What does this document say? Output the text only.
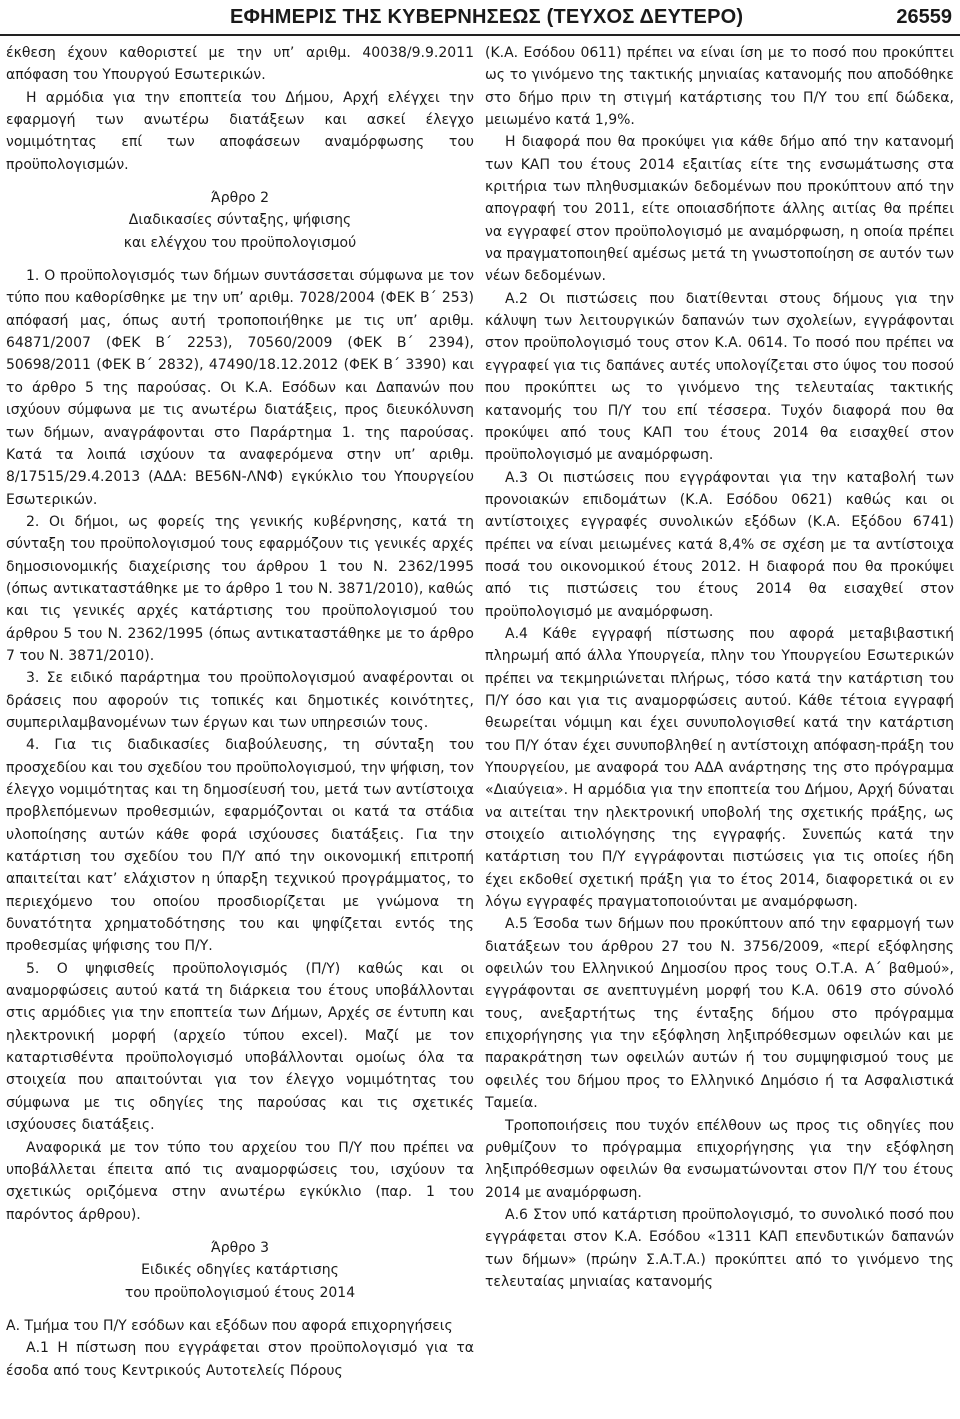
ΕΦΗΜΕΡΙΣ ΤΗΣ ΚΥΒΕΡΝΗΣΕΩΣ (ΤΕΥΧΟΣ ΔΕΥΤΕΡΟ)	26559

έκθεση έχουν καθοριστεί με την υπ’ αριθμ. 40038/9.9.2011 απόφαση του Υπουργού Εσωτερικών.

Η αρμόδια για την εποπτεία του Δήμου, Αρχή ελέγχει την εφαρμογή των ανωτέρω διατάξεων και ασκεί έλεγχο νομιμότητας επί των αποφάσεων αναμόρφωσης του προϋπολογισμών.

Άρθρο 2

Διαδικασίες σύνταξης, ψήφισης

και ελέγχου του προϋπολογισμού

1. Ο προϋπολογισμός των δήμων συντάσσεται σύμφωνα με τον τύπο που καθορίσθηκε με την υπ’ αριθμ. 7028/2004 (ΦΕΚ Β΄ 253) απόφασή μας, όπως αυτή τροποποιήθηκε με τις υπ’ αριθμ. 64871/2007 (ΦΕΚ Β΄ 2253), 70560/2009 (ΦΕΚ Β΄ 2394), 50698/2011 (ΦΕΚ Β΄ 2832), 47490/18.12.2012 (ΦΕΚ Β΄ 3390) και το άρθρο 5 της παρούσας. Οι Κ.Α. Εσόδων και Δαπανών που ισχύουν σύμφωνα με τις ανωτέρω διατάξεις, προς διευκόλυνση των δήμων, αναγράφονται στο Παράρτημα 1. της παρούσας. Κατά τα λοιπά ισχύουν τα αναφερόμενα στην υπ’ αριθμ. 8/17515/29.4.2013 (ΑΔΑ: ΒΕ56Ν-ΛΝΦ) εγκύκλιο του Υπουργείου Εσωτερικών.

2. Οι δήμοι, ως φορείς της γενικής κυβέρνησης, κατά τη σύνταξη του προϋπολογισμού τους εφαρμόζουν τις γενικές αρχές δημοσιονομικής διαχείρισης του άρθρου 1 του Ν. 2362/1995 (όπως αντικαταστάθηκε με το άρθρο 1 του Ν. 3871/2010), καθώς και τις γενικές αρχές κατάρτισης του προϋπολογισμού του άρθρου 5 του Ν. 2362/1995 (όπως αντικαταστάθηκε με το άρθρο 7 του Ν. 3871/2010).

3. Σε ειδικό παράρτημα του προϋπολογισμού αναφέρονται οι δράσεις που αφορούν τις τοπικές και δημοτικές κοινότητες, συμπεριλαμβανομένων των έργων και των υπηρεσιών τους.

4. Για τις διαδικασίες διαβούλευσης, τη σύνταξη του προσχεδίου και του σχεδίου του προϋπολογισμού, την ψήφιση, τον έλεγχο νομιμότητας και τη δημοσίευσή του, μετά των αντίστοιχα προβλεπόμενων προθεσμιών, εφαρμόζονται οι κατά τα στάδια υλοποίησης αυτών κάθε φορά ισχύουσες διατάξεις. Για την κατάρτιση του σχεδίου του Π/Υ από την οικονομική επιτροπή απαιτείται κατ’ ελάχιστον η ύπαρξη τεχνικού προγράμματος, το περιεχόμενο του οποίου προσδιορίζεται με γνώμονα τη δυνατότητα χρηματοδότησης του και ψηφίζεται εντός της προθεσμίας ψήφισης του Π/Υ.

5. Ο ψηφισθείς προϋπολογισμός (Π/Υ) καθώς και οι αναμορφώσεις αυτού κατά τη διάρκεια του έτους υποβάλλονται στις αρμόδιες για την εποπτεία των Δήμων, Αρχές σε έντυπη και ηλεκτρονική μορφή (αρχείο τύπου excel). Μαζί με τον καταρτισθέντα προϋπολογισμό υποβάλλονται ομοίως όλα τα στοιχεία που απαιτούνται για τον έλεγχο νομιμότητας του σύμφωνα με τις οδηγίες της παρούσας και τις σχετικές ισχύουσες διατάξεις.

Αναφορικά με τον τύπο του αρχείου του Π/Υ που πρέπει να υποβάλλεται έπειτα από τις αναμορφώσεις του, ισχύουν τα σχετικώς οριζόμενα στην ανωτέρω εγκύκλιο (παρ. 1 του παρόντος άρθρου).

Άρθρο 3

Ειδικές οδηγίες κατάρτισης

του προϋπολογισμού έτους 2014

Α. Τμήμα του Π/Υ εσόδων και εξόδων που αφορά επιχορηγήσεις

Α.1 Η πίστωση που εγγράφεται στον προϋπολογισμό για τα έσοδα από τους Κεντρικούς Αυτοτελείς Πόρους

(Κ.Α. Εσόδου 0611) πρέπει να είναι ίση με το ποσό που προκύπτει ως το γινόμενο της τακτικής μηνιαίας κατανομής που αποδόθηκε στο δήμο πριν τη στιγμή κατάρτισης του Π/Υ του επί δώδεκα, μειωμένο κατά 1,9%.

Η διαφορά που θα προκύψει για κάθε δήμο από την κατανομή των ΚΑΠ του έτους 2014 εξαιτίας είτε της ενσωμάτωσης στα κριτήρια των πληθυσμιακών δεδομένων που προκύπτουν από την απογραφή του 2011, είτε οποιασδήποτε άλλης αιτίας θα πρέπει να εγγραφεί στον προϋπολογισμό με αναμόρφωση, η οποία πρέπει να πραγματοποιηθεί αμέσως μετά τη γνωστοποίηση σε αυτόν των νέων δεδομένων.

Α.2 Οι πιστώσεις που διατίθενται στους δήμους για την κάλυψη των λειτουργικών δαπανών των σχολείων, εγγράφονται στον προϋπολογισμό τους στον Κ.Α. 0614. Το ποσό που πρέπει να εγγραφεί για τις δαπάνες αυτές υπολογίζεται στο ύψος του ποσού που προκύπτει ως το γινόμενο της τελευταίας τακτικής κατανομής του Π/Υ του επί τέσσερα. Τυχόν διαφορά που θα προκύψει από τους ΚΑΠ του έτους 2014 θα εισαχθεί στον προϋπολογισμό με αναμόρφωση.

Α.3 Οι πιστώσεις που εγγράφονται για την καταβολή των προνοιακών επιδομάτων (Κ.Α. Εσόδου 0621) καθώς και οι αντίστοιχες εγγραφές συνολικών εξόδων (Κ.Α. Εξόδου 6741) πρέπει να είναι μειωμένες κατά 8,4% σε σχέση με τα αντίστοιχα ποσά του οικονομικού έτους 2012. Η διαφορά που θα προκύψει από τις πιστώσεις του έτους 2014 θα εισαχθεί στον προϋπολογισμό με αναμόρφωση.

Α.4 Κάθε εγγραφή πίστωσης που αφορά μεταβιβαστική πληρωμή από άλλα Υπουργεία, πλην του Υπουργείου Εσωτερικών πρέπει να τεκμηριώνεται πλήρως, τόσο κατά την κατάρτιση του Π/Υ όσο και για τις αναμορφώσεις αυτού. Κάθε τέτοια εγγραφή θεωρείται νόμιμη και έχει συνυπολογισθεί κατά την κατάρτιση του Π/Υ όταν έχει συνυποβληθεί η αντίστοιχη απόφαση-πράξη του Υπουργείου, με αναφορά του ΑΔΑ ανάρτησης της στο πρόγραμμα «Διαύγεια». Η αρμόδια για την εποπτεία του Δήμου, Αρχή δύναται να αιτείται την ηλεκτρονική υποβολή της σχετικής πράξης, ως στοιχείο αιτιολόγησης της εγγραφής. Συνεπώς κατά την κατάρτιση του Π/Υ εγγράφονται πιστώσεις για τις οποίες ήδη έχει εκδοθεί σχετική πράξη για το έτος 2014, διαφορετικά οι εν λόγω εγγραφές πραγματοποιούνται με αναμόρφωση.

Α.5 Έσοδα των δήμων που προκύπτουν από την εφαρμογή των διατάξεων του άρθρου 27 του Ν. 3756/2009, «περί εξόφλησης οφειλών του Ελληνικού Δημοσίου προς τους Ο.Τ.Α. Α΄ βαθμού», εγγράφονται σε ανεπτυγμένη μορφή του Κ.Α. 0619 στο σύνολό τους, ανεξαρτήτως της ένταξης δήμου στο πρόγραμμα επιχορήγησης για την εξόφληση ληξιπρόθεσμων οφειλών και με παρακράτηση των οφειλών αυτών ή του συμψηφισμού τους με οφειλές του δήμου προς το Ελληνικό Δημόσιο ή τα Ασφαλιστικά Ταμεία.

Τροποποιήσεις που τυχόν επέλθουν ως προς τις οδηγίες που ρυθμίζουν το πρόγραμμα επιχορήγησης για την εξόφληση ληξιπρόθεσμων οφειλών θα ενσωματώνονται στον Π/Υ του έτους 2014 με αναμόρφωση.

Α.6 Στον υπό κατάρτιση προϋπολογισμό, το συνολικό ποσό που εγγράφεται στον Κ.Α. Εσόδου «1311 ΚΑΠ επενδυτικών δαπανών των δήμων» (πρώην Σ.Α.Τ.Α.) προκύπτει από το γινόμενο της τελευταίας μηνιαίας κατανομής
